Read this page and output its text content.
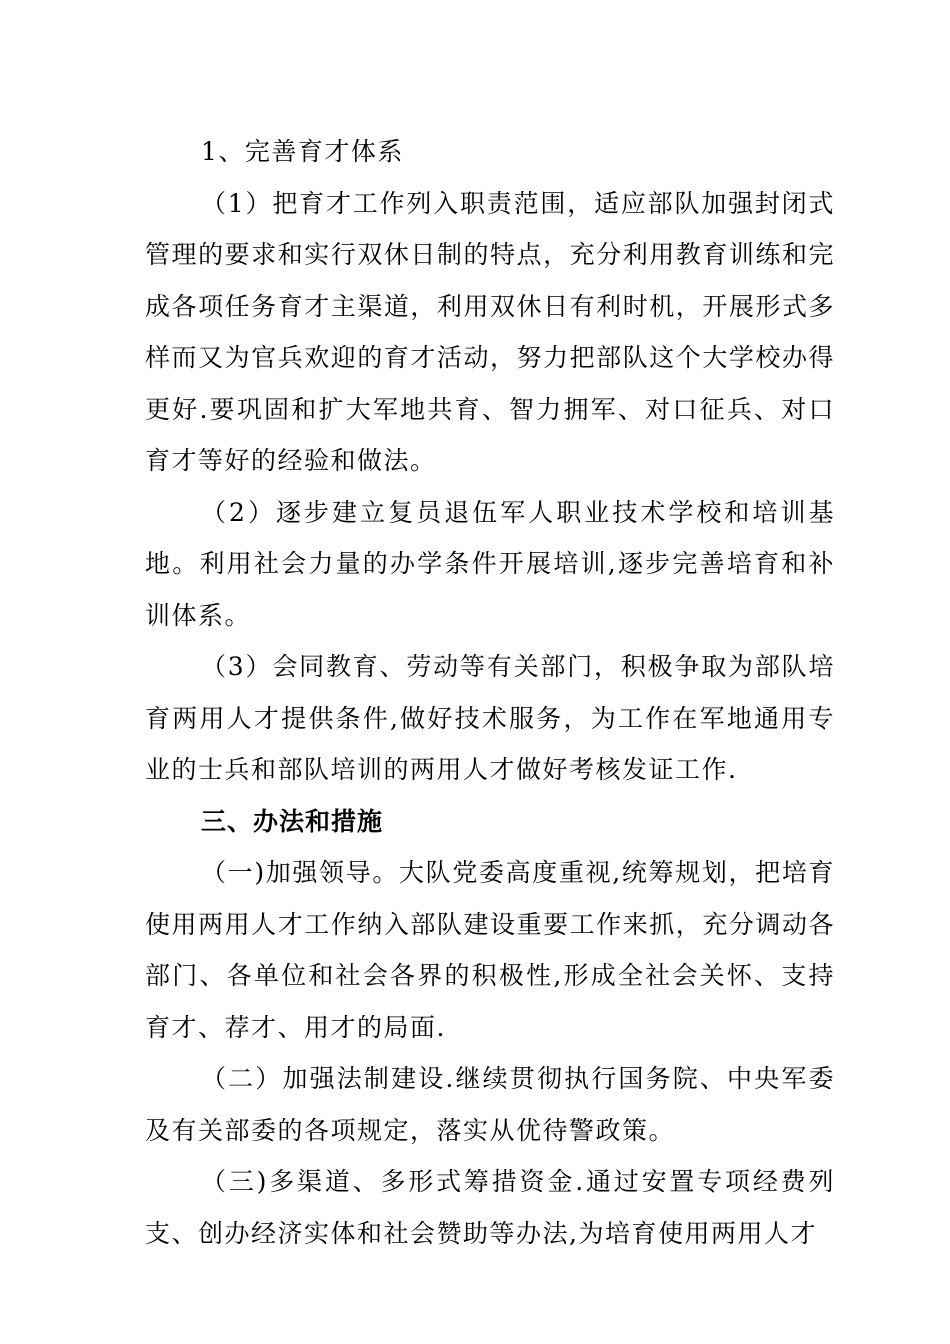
1、完善育才体系

（1）把育才工作列入职责范围，适应部队加强封闭式管理的要求和实行双休日制的特点，充分利用教育训练和完成各项任务育才主渠道，利用双休日有利时机，开展形式多样而又为官兵欢迎的育才活动，努力把部队这个大学校办得更好.要巩固和扩大军地共育、智力拥军、对口征兵、对口育才等好的经验和做法。

（2）逐步建立复员退伍军人职业技术学校和培训基地。利用社会力量的办学条件开展培训,逐步完善培育和补训体系。

（3）会同教育、劳动等有关部门，积极争取为部队培育两用人才提供条件,做好技术服务，为工作在军地通用专业的士兵和部队培训的两用人才做好考核发证工作.

三、办法和措施

（一)加强领导。大队党委高度重视,统筹规划，把培育使用两用人才工作纳入部队建设重要工作来抓，充分调动各部门、各单位和社会各界的积极性,形成全社会关怀、支持育才、荐才、用才的局面.

（二）加强法制建设.继续贯彻执行国务院、中央军委及有关部委的各项规定，落实从优待警政策。

（三)多渠道、多形式筹措资金.通过安置专项经费列支、创办经济实体和社会赞助等办法,为培育使用两用人才
